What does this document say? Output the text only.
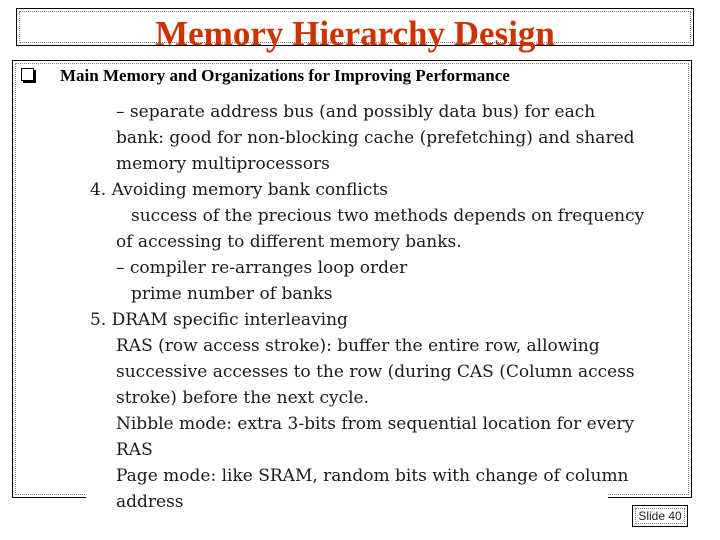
Memory Hierarchy Design

Main Memory and Organizations for Improving Performance

– separate address bus (and possibly data bus) for each
bank: good for non-blocking cache (prefetching) and shared
memory multiprocessors
4. Avoiding memory bank conflicts
success of the precious two methods depends on frequency
of accessing to different memory banks.
– compiler re-arranges loop order
prime number of banks
5. DRAM specific interleaving
RAS (row access stroke): buffer the entire row, allowing
successive accesses to the row (during CAS (Column access
stroke) before the next cycle.
Nibble mode: extra 3-bits from sequential location for every
RAS
Page mode: like SRAM, random bits with change of column
address
Slide 40
